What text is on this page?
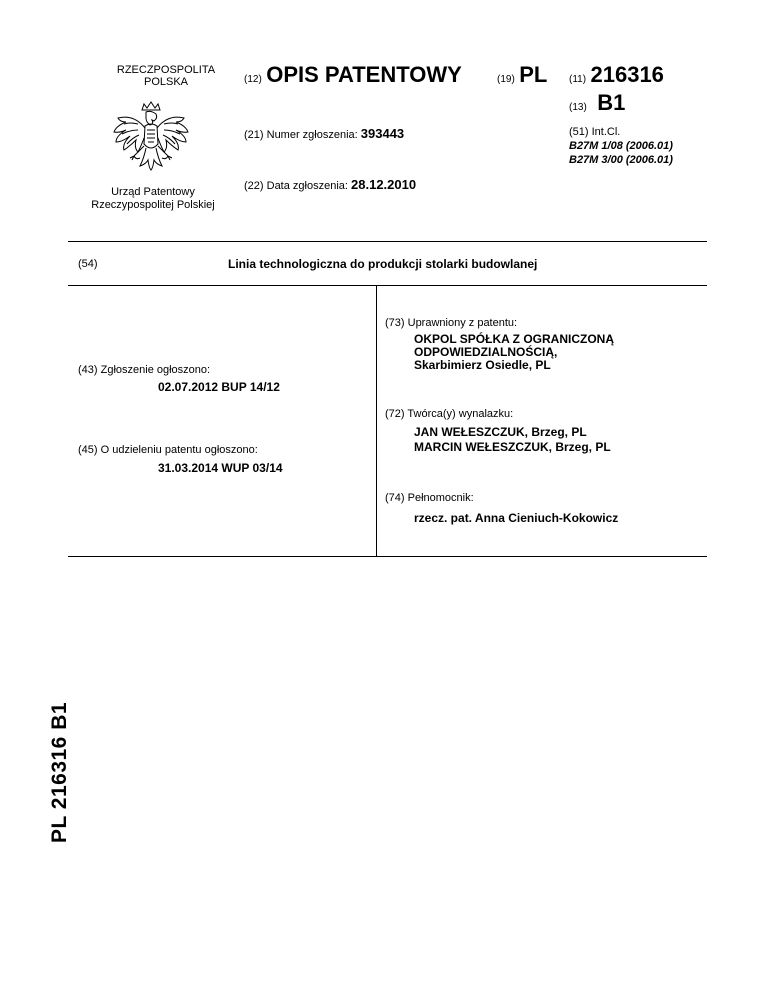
RZECZPOSPOLITA
POLSKA
Urząd Patentowy
Rzeczypospolitej Polskiej
(12) OPIS PATENTOWY	(19) PL (11) 216316
(13) B1
(21) Numer zgłoszenia: 393443	(51) Int.Cl.
B27M 1/08 (2006.01)
B27M 3/00 (2006.01)
(22) Data zgłoszenia: 28.12.2010
(54)	Linia technologiczna do produkcji stolarki budowlanej
(43) Zgłoszenie ogłoszono:
02.07.2012 BUP 14/12
(45) O udzieleniu patentu ogłoszono:
31.03.2014 WUP 03/14
(73) Uprawniony z patentu:
OKPOL SPÓŁKA Z OGRANICZONĄ
ODPOWIEDZIALNOŚCIĄ,
Skarbimierz Osiedle, PL
(72) Twórca(y) wynalazku:
JAN WEŁESZCZUK, Brzeg, PL
MARCIN WEŁESZCZUK, Brzeg, PL
(74) Pełnomocnik:
rzecz. pat. Anna Cieniuch-Kokowicz
PL 216316 B1
